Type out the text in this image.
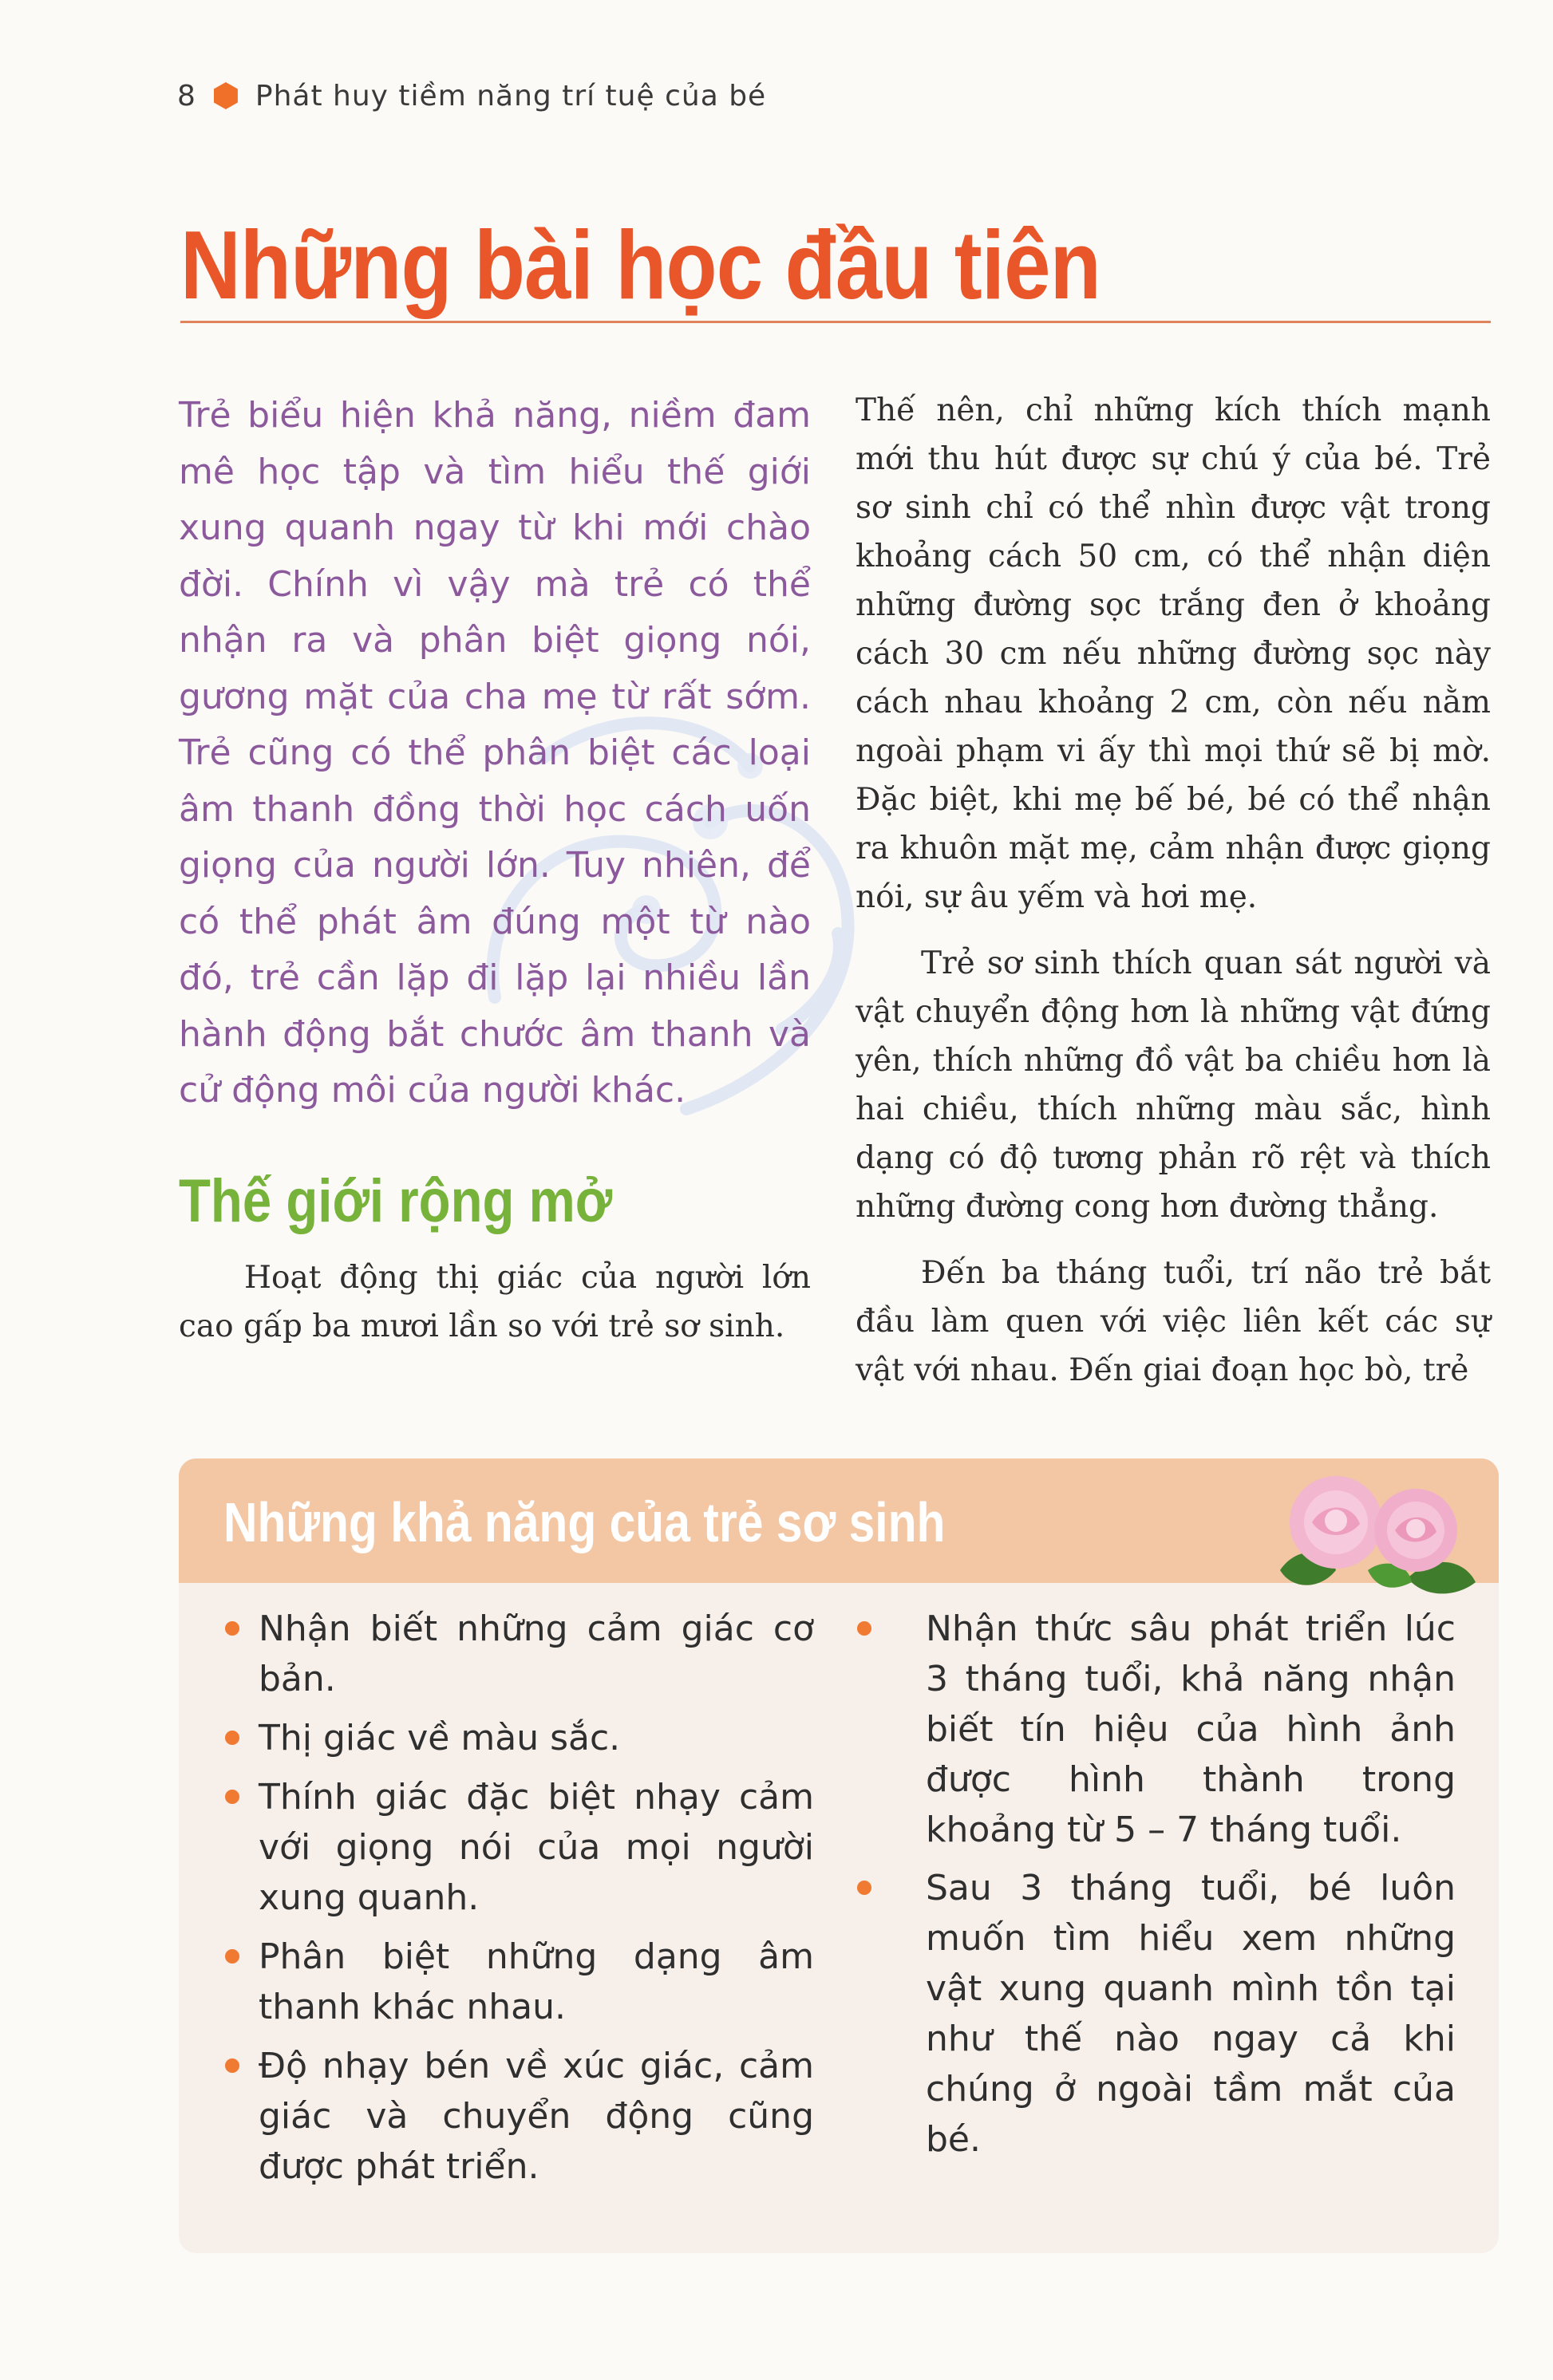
8 Phát huy tiềm năng trí tuệ của bé
Những bài học đầu tiên

Trẻ biểu hiện khả năng, niềm đam mê học tập và tìm hiểu thế giới xung quanh ngay từ khi mới chào đời. Chính vì vậy mà trẻ có thể nhận ra và phân biệt giọng nói, gương mặt của cha mẹ từ rất sớm. Trẻ cũng có thể phân biệt các loại âm thanh đồng thời học cách uốn giọng của người lớn. Tuy nhiên, để có thể phát âm đúng một từ nào đó, trẻ cần lặp đi lặp lại nhiều lần hành động bắt chước âm thanh và cử động môi của người khác.

Thế giới rộng mở

Hoạt động thị giác của người lớn cao gấp ba mươi lần so với trẻ sơ sinh.

Thế nên, chỉ những kích thích mạnh mới thu hút được sự chú ý của bé. Trẻ sơ sinh chỉ có thể nhìn được vật trong khoảng cách 50 cm, có thể nhận diện những đường sọc trắng đen ở khoảng cách 30 cm nếu những đường sọc này cách nhau khoảng 2 cm, còn nếu nằm ngoài phạm vi ấy thì mọi thứ sẽ bị mờ. Đặc biệt, khi mẹ bế bé, bé có thể nhận ra khuôn mặt mẹ, cảm nhận được giọng nói, sự âu yếm và hơi mẹ.

Trẻ sơ sinh thích quan sát người và vật chuyển động hơn là những vật đứng yên, thích những đồ vật ba chiều hơn là hai chiều, thích những màu sắc, hình dạng có độ tương phản rõ rệt và thích những đường cong hơn đường thẳng.

Đến ba tháng tuổi, trí não trẻ bắt đầu làm quen với việc liên kết các sự vật với nhau. Đến giai đoạn học bò, trẻ

Những khả năng của trẻ sơ sinh
Nhận biết những cảm giác cơ bản.
Thị giác về màu sắc.
Thính giác đặc biệt nhạy cảm với giọng nói của mọi người xung quanh.
Phân biệt những dạng âm thanh khác nhau.
Độ nhạy bén về xúc giác, cảm giác và chuyển động cũng được phát triển.
Nhận thức sâu phát triển lúc 3 tháng tuổi, khả năng nhận biết tín hiệu của hình ảnh được hình thành trong khoảng từ 5 – 7 tháng tuổi.
Sau 3 tháng tuổi, bé luôn muốn tìm hiểu xem những vật xung quanh mình tồn tại như thế nào ngay cả khi chúng ở ngoài tầm mắt của bé.
